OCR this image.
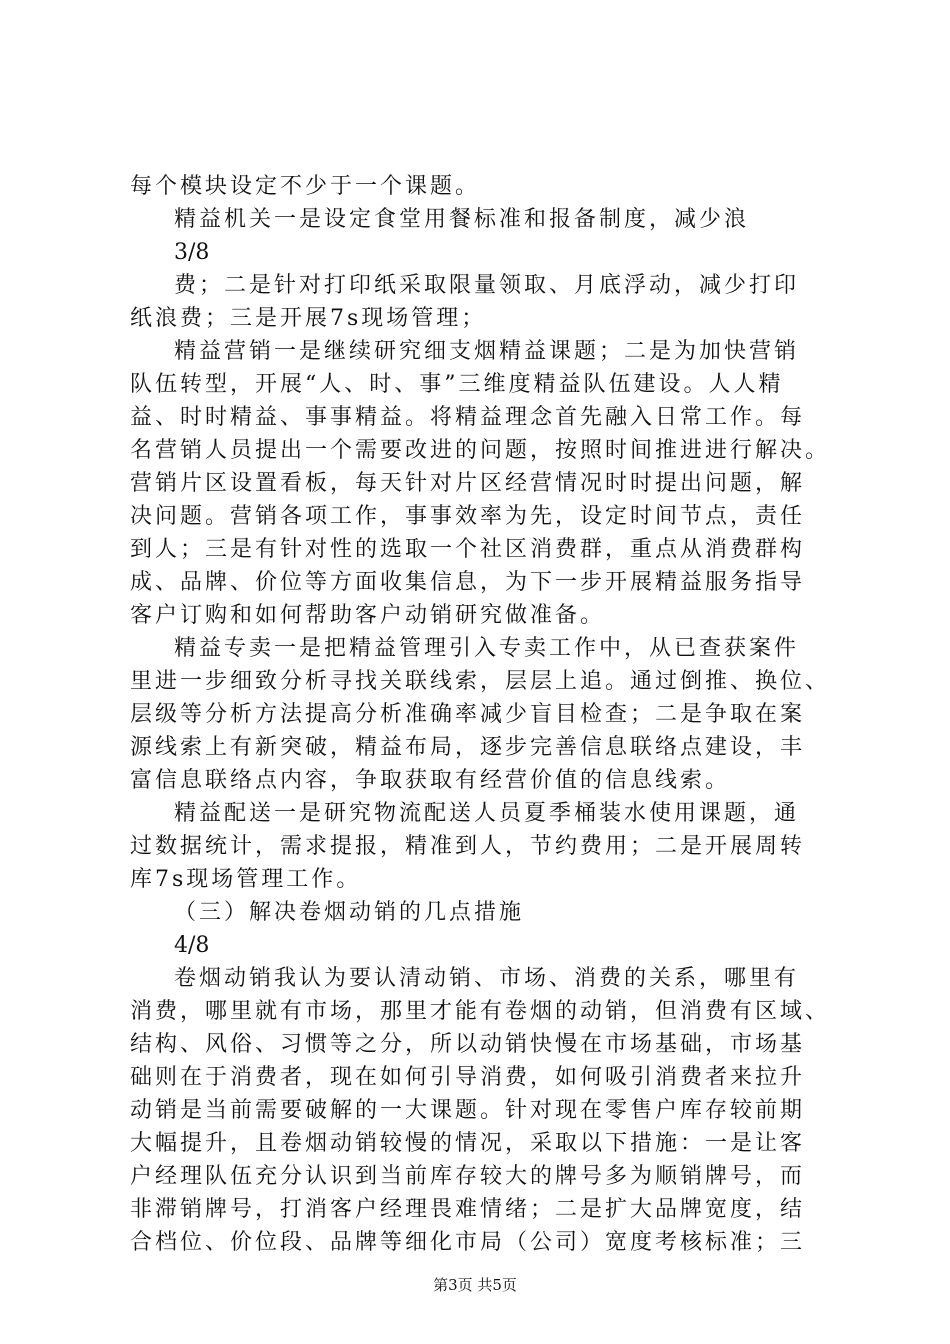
每个模块设定不少于一个课题。
精益机关一是设定食堂用餐标准和报备制度，减少浪
3/8
费；二是针对打印纸采取限量领取、月底浮动，减少打印
纸浪费；三是开展7s现场管理；
精益营销一是继续研究细支烟精益课题；二是为加快营销
队伍转型，开展“人、时、事”三维度精益队伍建设。人人精
益、时时精益、事事精益。将精益理念首先融入日常工作。每
名营销人员提出一个需要改进的问题，按照时间推进进行解决。
营销片区设置看板，每天针对片区经营情况时时提出问题，解
决问题。营销各项工作，事事效率为先，设定时间节点，责任
到人；三是有针对性的选取一个社区消费群，重点从消费群构
成、品牌、价位等方面收集信息，为下一步开展精益服务指导
客户订购和如何帮助客户动销研究做准备。
精益专卖一是把精益管理引入专卖工作中，从已查获案件
里进一步细致分析寻找关联线索，层层上追。通过倒推、换位、
层级等分析方法提高分析准确率减少盲目检查；二是争取在案
源线索上有新突破，精益布局，逐步完善信息联络点建设，丰
富信息联络点内容，争取获取有经营价值的信息线索。
精益配送一是研究物流配送人员夏季桶装水使用课题，通
过数据统计，需求提报，精准到人，节约费用；二是开展周转
库7s现场管理工作。
（三）解决卷烟动销的几点措施
4/8
卷烟动销我认为要认清动销、市场、消费的关系，哪里有
消费，哪里就有市场，那里才能有卷烟的动销，但消费有区域、
结构、风俗、习惯等之分，所以动销快慢在市场基础，市场基
础则在于消费者，现在如何引导消费，如何吸引消费者来拉升
动销是当前需要破解的一大课题。针对现在零售户库存较前期
大幅提升，且卷烟动销较慢的情况，采取以下措施：一是让客
户经理队伍充分认识到当前库存较大的牌号多为顺销牌号，而
非滞销牌号，打消客户经理畏难情绪；二是扩大品牌宽度，结
合档位、价位段、品牌等细化市局（公司）宽度考核标准；三
第3页 共5页
